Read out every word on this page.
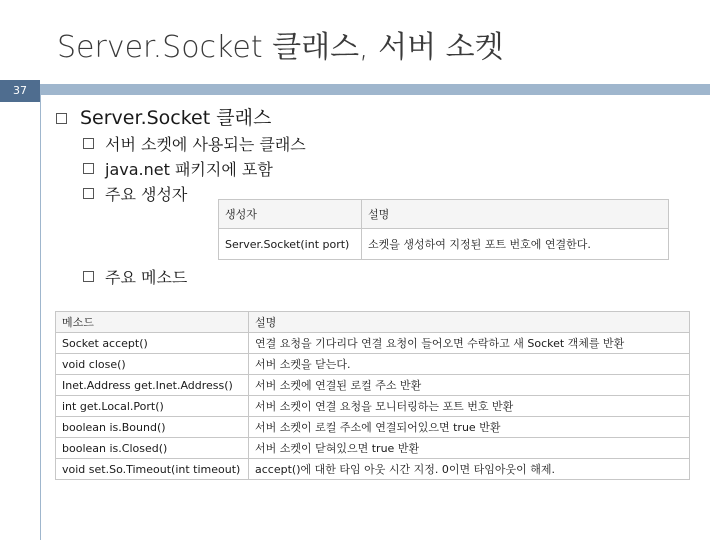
Server.Socket 클래스, 서버 소켓
37
Server.Socket 클래스
서버 소켓에 사용되는 클래스
java.net 패키지에 포함
주요 생성자
주요 메소드
생성자	설명
Server.Socket(int port)	소켓을 생성하여 지정된 포트 번호에 연결한다.
메소드	설명
Socket accept()	연결 요청을 기다리다 연결 요청이 들어오면 수락하고 새 Socket 객체를 반환
void close()	서버 소켓을 닫는다.
Inet.Address get.Inet.Address()	서버 소켓에 연결된 로컬 주소 반환
int get.Local.Port()	서버 소켓이 연결 요청을 모니터링하는 포트 번호 반환
boolean is.Bound()	서버 소켓이 로컬 주소에 연결되어있으면 true 반환
boolean is.Closed()	서버 소켓이 닫혀있으면 true 반환
void set.So.Timeout(int timeout)	accept()에 대한 타임 아웃 시간 지정. 0이면 타임아웃이 해제.
